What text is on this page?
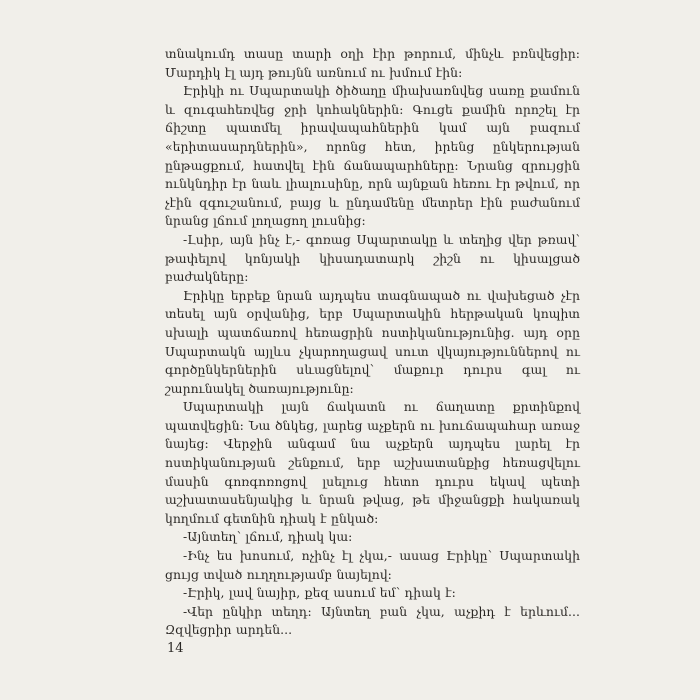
տնակումդ տասը տարի օղի էիր թորում, մինչև բռնվեցիր: Մարդիկ էլ այդ թույնն առնում ու խմում էին:

Էրիկի ու Սպարտակի ծիծաղը միախառնվեց սառը քամուն և զուգահեռվեց ջրի կոհակներին: Գուցե քամին որոշել էր ճիշտը պատմել իրավապահներին կամ այն բազում «երիտասարդներին», որոնց հետ, իրենց ընկերության ընթացքում, հատվել էին ճանապարհները: Նրանց զրույցին ունկնդիր էր նաև լիալուսինը, որն այնքան հեռու էր թվում, որ չէին զգուշանում, բայց և ընդամենը մետրեր էին բաժանում նրանց լճում լողացող լուսնից:

-Լսիր, այն ինչ է,- գոռաց Սպարտակը և տեղից վեր թռավ՝ թափելով կոնյակի կիսադատարկ շիշն ու կիսալցած բաժակները:

Էրիկը երբեք նրան այդպես տագնապած ու վախեցած չէր տեսել այն օրվանից, երբ Սպարտակին հերթական կոպիտ սխալի պատճառով հեռացրին ոստիկանությունից. այդ օրը Սպարտակն այլևս չկարողացավ սուտ վկայություններով ու գործընկերներին սևացնելով՝ մաքուր դուրս գալ ու շարունակել ծառայությունը:

Սպարտակի լայն ճակատն ու ճաղատը քրտինքով պատվեցին: Նա ծնկեց, լարեց աչքերն ու խուճապահար առաջ նայեց: Վերջին անգամ նա աչքերն այդպես լարել էր ոստիկանության շենքում, երբ աշխատանքից հեռացվելու մասին գոռգոռոցով լսելուց հետո դուրս եկավ պետի աշխատասենյակից և նրան թվաց, թե միջանցքի հակառակ կողմում գետնին դիակ է ընկած:

-Այնտեղ՝ լճում, դիակ կա:

-Ինչ ես խոսում, ոչինչ էլ չկա,- ասաց Էրիկը՝ Սպարտակի ցույց տված ուղղությամբ նայելով:

-Էրիկ, լավ նայիր, քեզ ասում եմ՝ դիակ է:

-Վեր ընկիր տեղդ: Այնտեղ բան չկա, աչքիդ է երևում... Զզվեցրիր արդեն...

14
